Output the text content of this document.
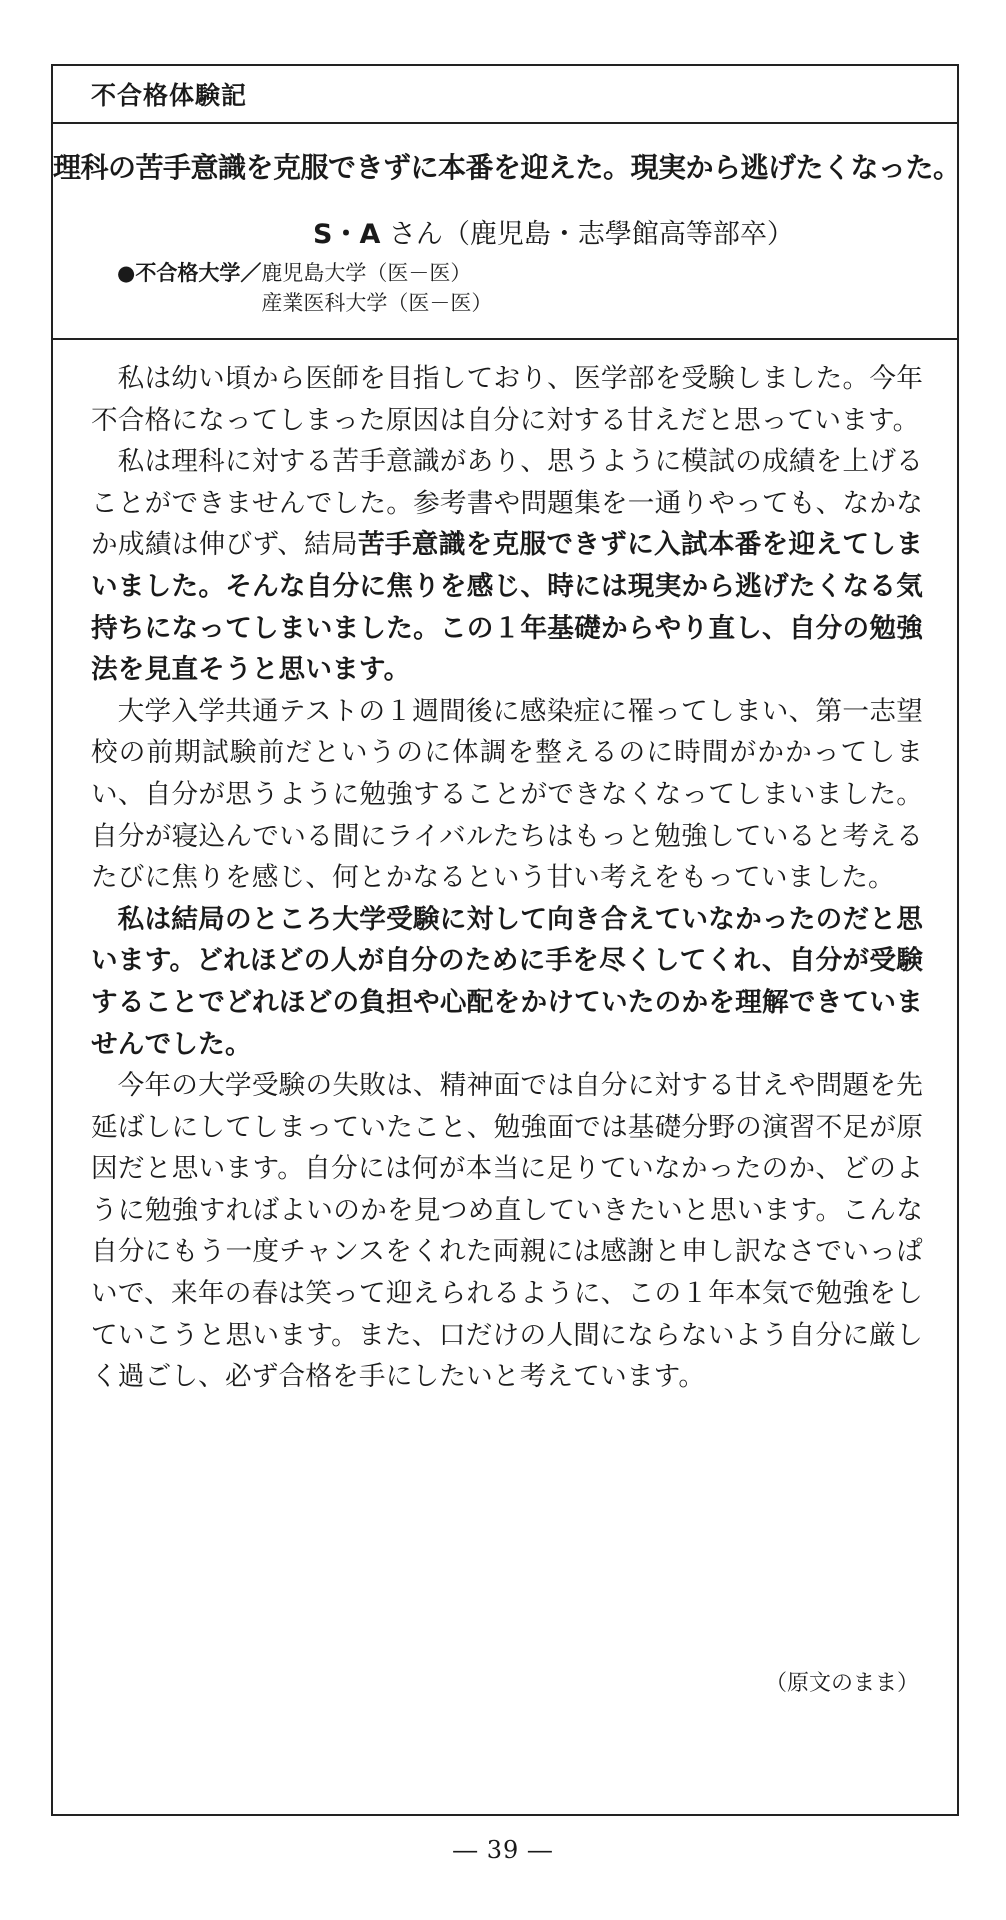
不合格体験記
理科の苦手意識を克服できずに本番を迎えた。現実から逃げたくなった。
S・A さん（鹿児島・志學館高等部卒）
●不合格大学／ 鹿児島大学（医－医）
産業医科大学（医－医）

私は幼い頃から医師を目指しており、医学部を受験しました。今年不合格になってしまった原因は自分に対する甘えだと思っています。

私は理科に対する苦手意識があり、思うように模試の成績を上げることができませんでした。参考書や問題集を一通りやっても、なかなか成績は伸びず、結局苦手意識を克服できずに入試本番を迎えてしまいました。そんな自分に焦りを感じ、時には現実から逃げたくなる気持ちになってしまいました。この１年基礎からやり直し、自分の勉強法を見直そうと思います。

大学入学共通テストの１週間後に感染症に罹ってしまい、第一志望校の前期試験前だというのに体調を整えるのに時間がかかってしまい、自分が思うように勉強することができなくなってしまいました。自分が寝込んでいる間にライバルたちはもっと勉強していると考えるたびに焦りを感じ、何とかなるという甘い考えをもっていました。

私は結局のところ大学受験に対して向き合えていなかったのだと思います。どれほどの人が自分のために手を尽くしてくれ、自分が受験することでどれほどの負担や心配をかけていたのかを理解できていませんでした。

今年の大学受験の失敗は、精神面では自分に対する甘えや問題を先延ばしにしてしまっていたこと、勉強面では基礎分野の演習不足が原因だと思います。自分には何が本当に足りていなかったのか、どのように勉強すればよいのかを見つめ直していきたいと思います。こんな自分にもう一度チャンスをくれた両親には感謝と申し訳なさでいっぱいで、来年の春は笑って迎えられるように、この１年本気で勉強をしていこうと思います。また、口だけの人間にならないよう自分に厳しく過ごし、必ず合格を手にしたいと考えています。

（原文のまま）
― 39 ―
